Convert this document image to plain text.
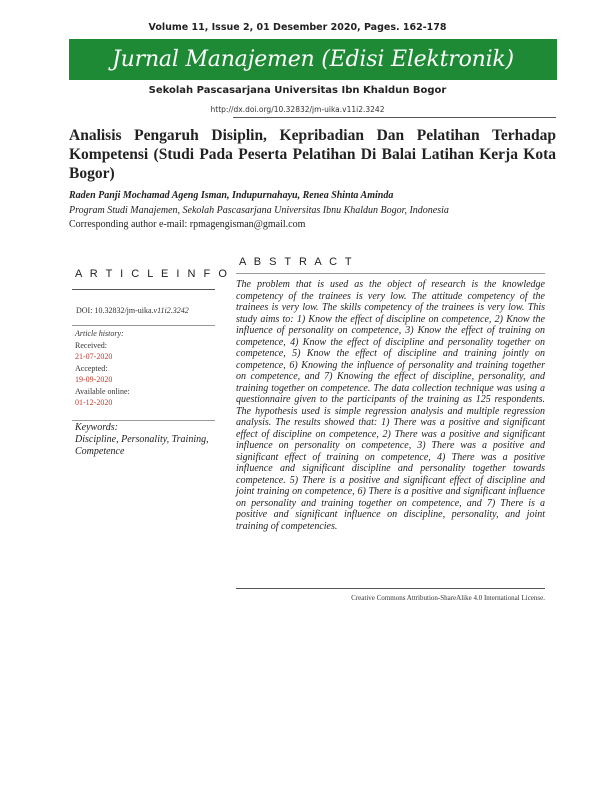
Volume 11, Issue 2, 01 Desember 2020, Pages. 162-178
Jurnal Manajemen (Edisi Elektronik)
Sekolah Pascasarjana Universitas Ibn Khaldun Bogor
http://dx.doi.org/10.32832/jm-uika.v11i2.3242
Analisis Pengaruh Disiplin, Kepribadian Dan Pelatihan Terhadap Kompetensi (Studi Pada Peserta Pelatihan Di Balai Latihan Kerja Kota Bogor)
Raden Panji Mochamad Ageng Isman, Indupurnahayu, Renea Shinta Aminda
Program Studi Manajemen, Sekolah Pascasarjana Universitas Ibnu Khaldun Bogor, Indonesia
Corresponding author e-mail: rpmagengisman@gmail.com
A R T I C L E I N F O
DOI: 10.32832/jm-uika.v11i2.3242
Article history:
Received:
21-07-2020
Accepted:
19-09-2020
Available online:
01-12-2020
Keywords:
Discipline, Personality, Training, Competence
A B S T R A C T
The problem that is used as the object of research is the knowledge competency of the trainees is very low. The attitude competency of the trainees is very low. The skills competency of the trainees is very low. This study aims to: 1) Know the effect of discipline on competence, 2) Know the influence of personality on competence, 3) Know the effect of training on competence, 4) Know the effect of discipline and personality together on competence, 5) Know the effect of discipline and training jointly on competence, 6) Knowing the influence of personality and training together on competence, and 7) Knowing the effect of discipline, personality, and training together on competence. The data collection technique was using a questionnaire given to the participants of the training as 125 respondents. The hypothesis used is simple regression analysis and multiple regression analysis. The results showed that: 1) There was a positive and significant effect of discipline on competence, 2) There was a positive and significant influence on personality on competence, 3) There was a positive and significant effect of training on competence, 4) There was a positive influence and significant discipline and personality together towards competence. 5) There is a positive and significant effect of discipline and joint training on competence, 6) There is a positive and significant influence on personality and training together on competence, and 7) There is a positive and significant influence on discipline, personality, and joint training of competencies.
Creative Commons Attribution-ShareAlike 4.0 International License.
